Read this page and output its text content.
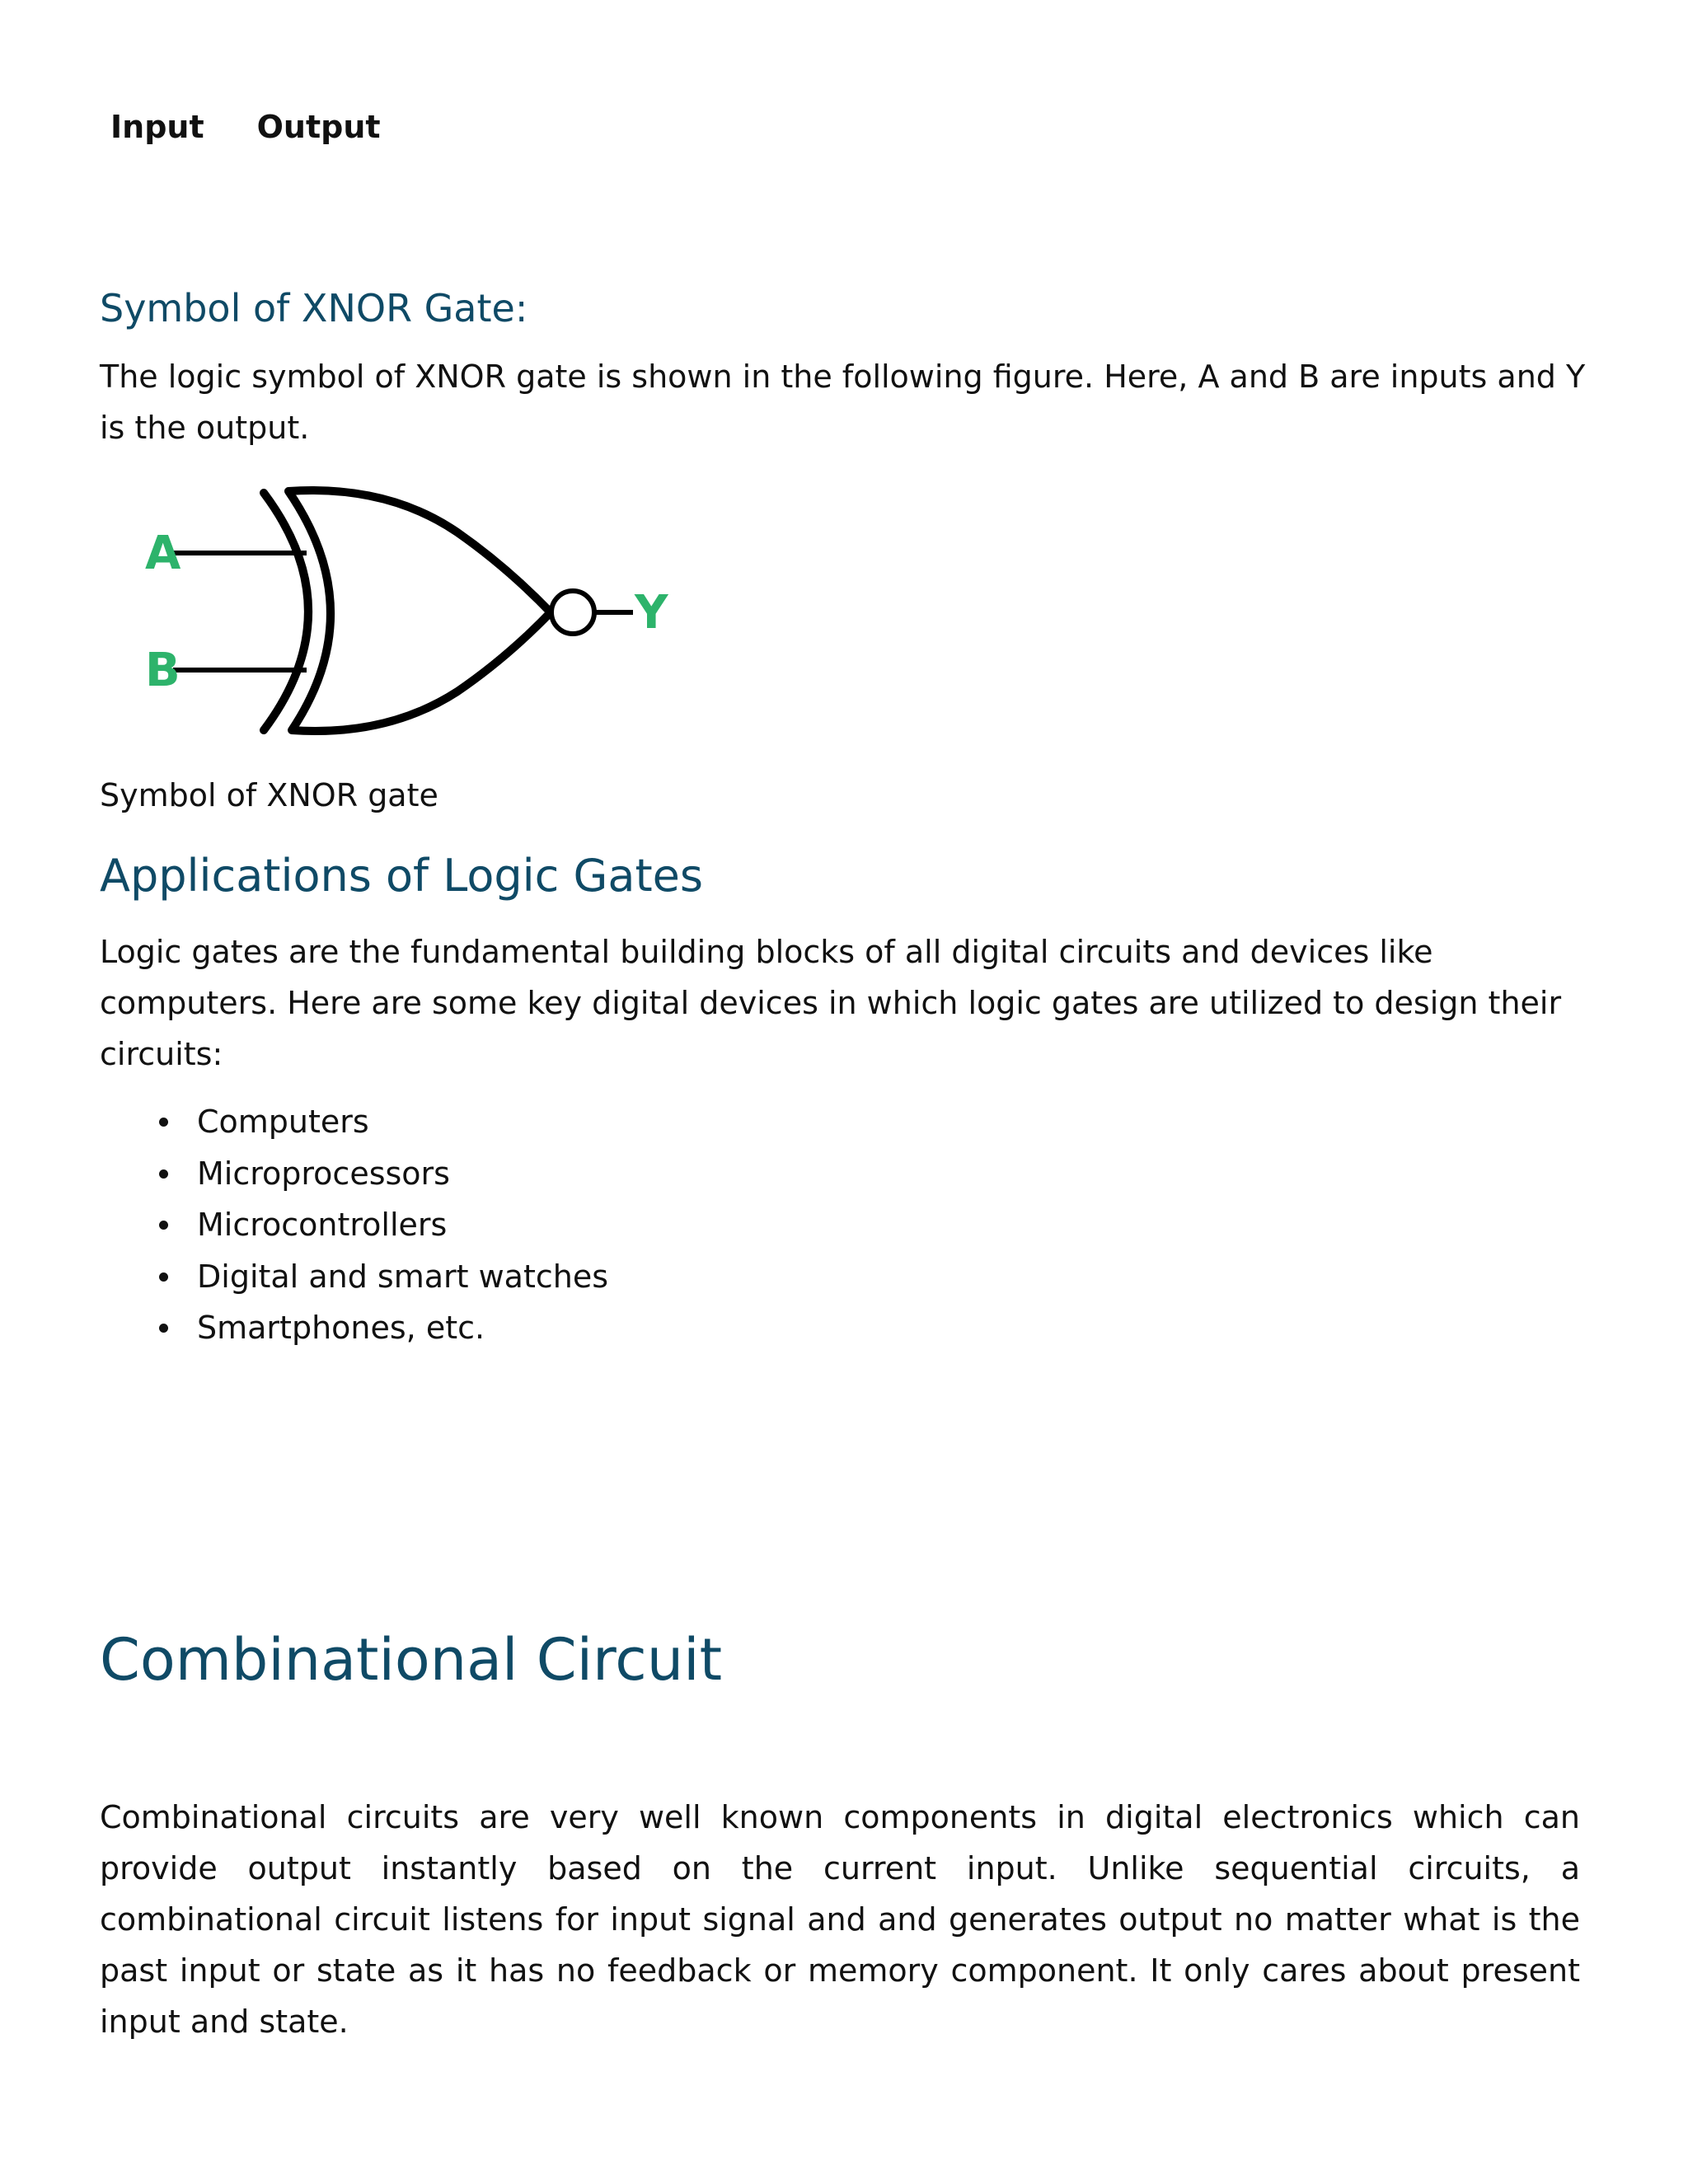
Input Output
Symbol of XNOR Gate:

The logic symbol of XNOR gate is shown in the following figure. Here, A and B are inputs and Y is the output.

A
B
Y

Symbol of XNOR gate

Applications of Logic Gates

Logic gates are the fundamental building blocks of all digital circuits and devices like computers. Here are some key digital devices in which logic gates are utilized to design their circuits:

Computers
Microprocessors
Microcontrollers
Digital and smart watches
Smartphones, etc.
Combinational Circuit

Combinational circuits are very well known components in digital electronics which can provide output instantly based on the current input. Unlike sequential circuits, a combinational circuit listens for input signal and and generates output no matter what is the past input or state as it has no feedback or memory component. It only cares about present input and state.
